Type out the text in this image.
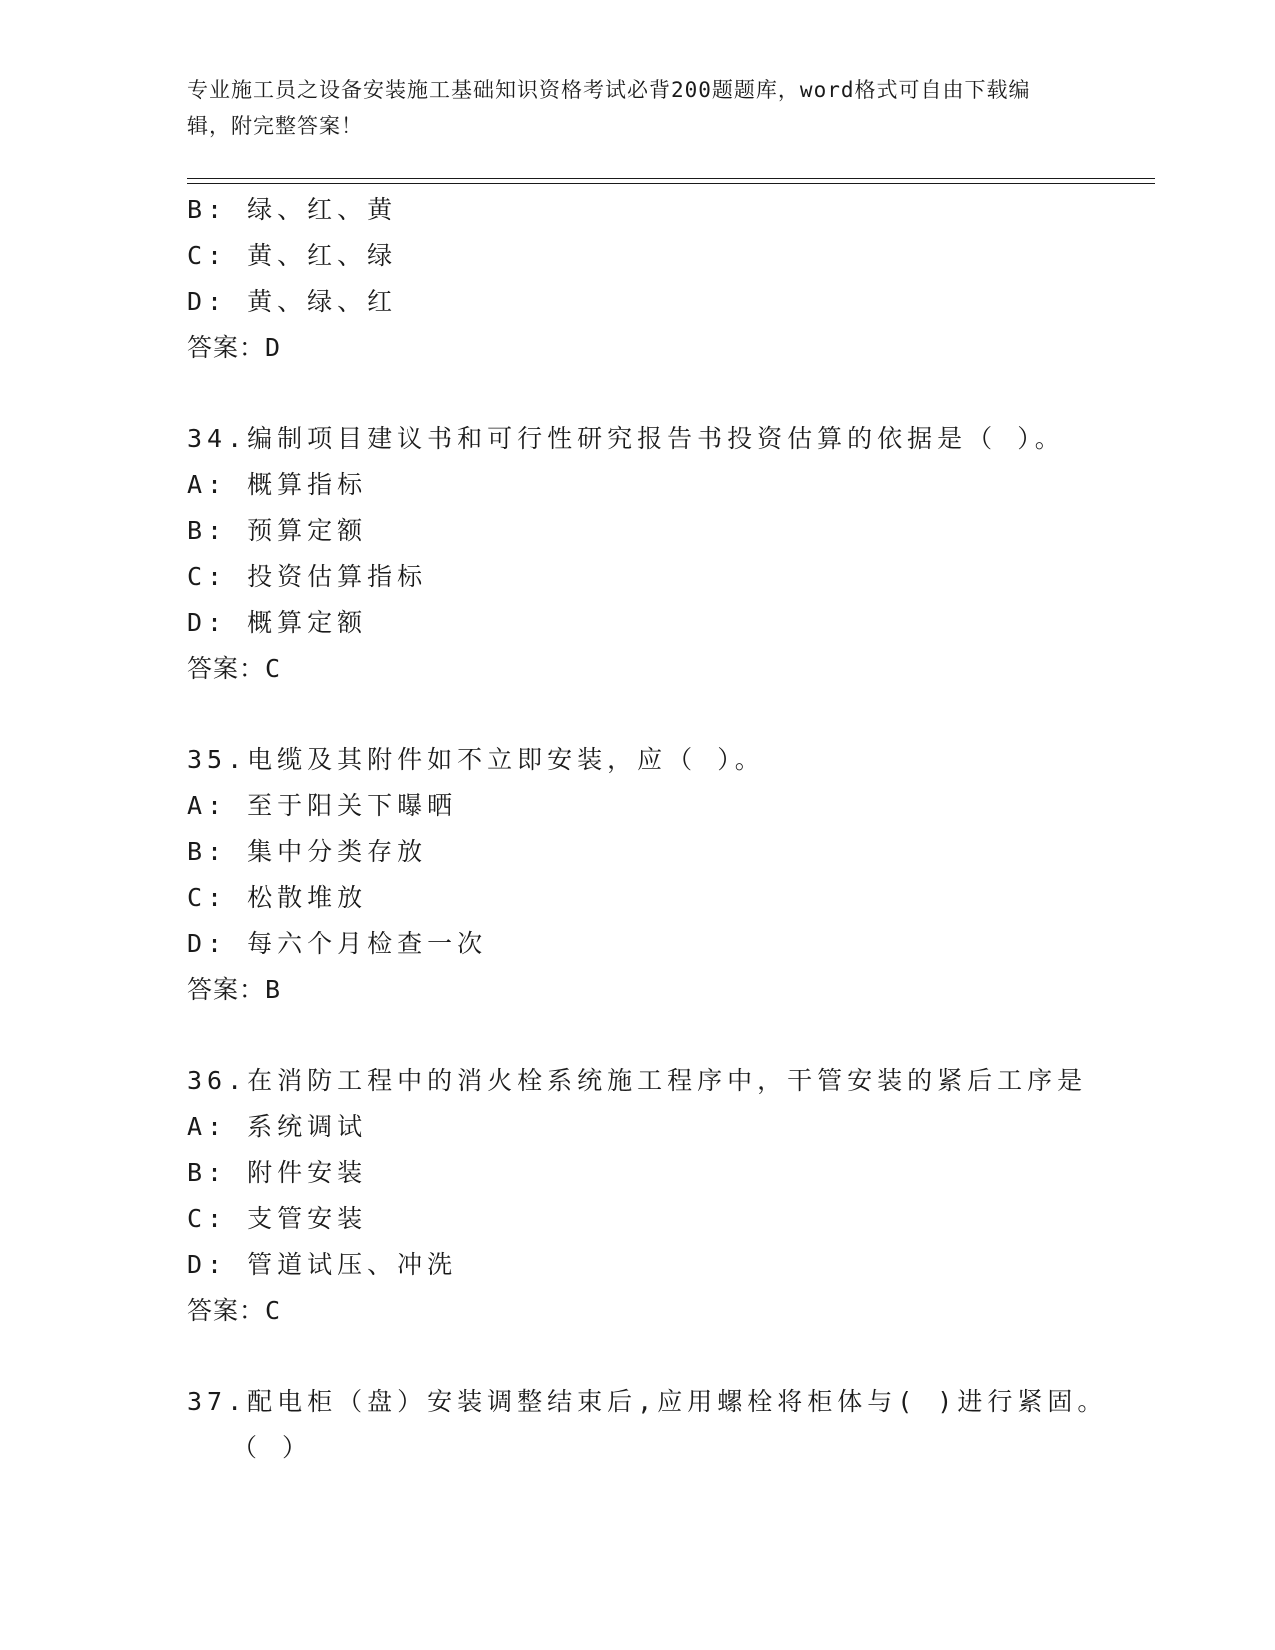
专业施工员之设备安装施工基础知识资格考试必背200题题库，word格式可自由下载编辑，附完整答案！
B: 绿、红、黄
C: 黄、红、绿
D: 黄、绿、红
答案：D
34.编制项目建议书和可行性研究报告书投资估算的依据是（ ）。
A: 概算指标
B: 预算定额
C: 投资估算指标
D: 概算定额
答案：C
35.电缆及其附件如不立即安装，应（ ）。
A: 至于阳关下曝晒
B: 集中分类存放
C: 松散堆放
D: 每六个月检查一次
答案：B
36.在消防工程中的消火栓系统施工程序中，干管安装的紧后工序是
A: 系统调试
B: 附件安装
C: 支管安装
D: 管道试压、冲洗
答案：C
37.配电柜（盘）安装调整结束后,应用螺栓将柜体与( )进行紧固。（ ）
